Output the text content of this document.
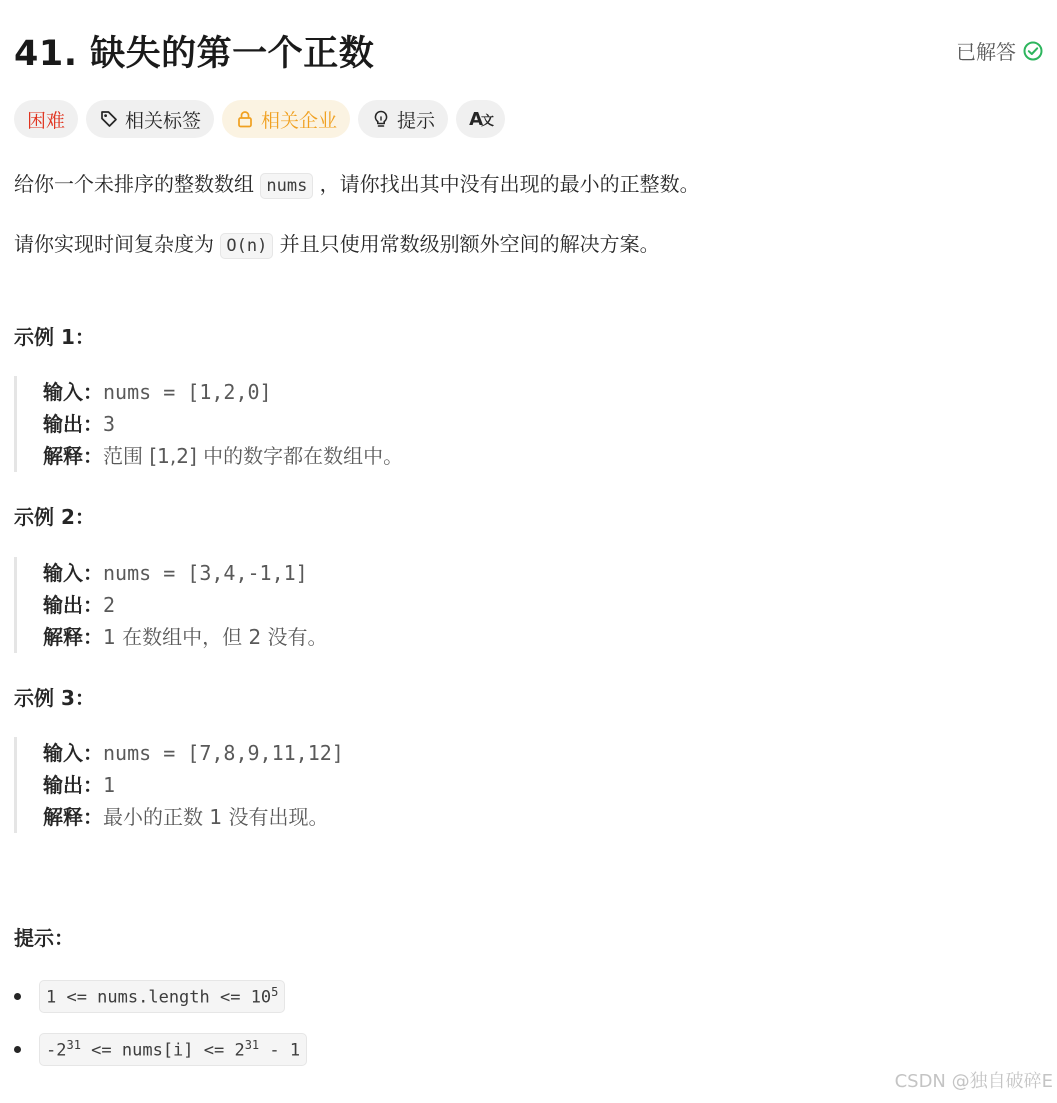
41. 缺失的第一个正数	已解答
困难	相关标签	相关企业	提示 A文

给你一个未排序的整数数组 nums ，请你找出其中没有出现的最小的正整数。

请你实现时间复杂度为 O(n) 并且只使用常数级别额外空间的解决方案。

示例 1：

输入：nums = [1,2,0]
输出：3
解释：范围 [1,2] 中的数字都在数组中。

示例 2：

输入：nums = [3,4,-1,1]
输出：2
解释：1 在数组中，但 2 没有。

示例 3：

输入：nums = [7,8,9,11,12]
输出：1
解释：最小的正数 1 没有出现。

提示：

1 <= nums.length <= $10^5$
$-2^{31}$ <= nums[i] <= $2^{31} - 1$
CSDN @独自破碎E
